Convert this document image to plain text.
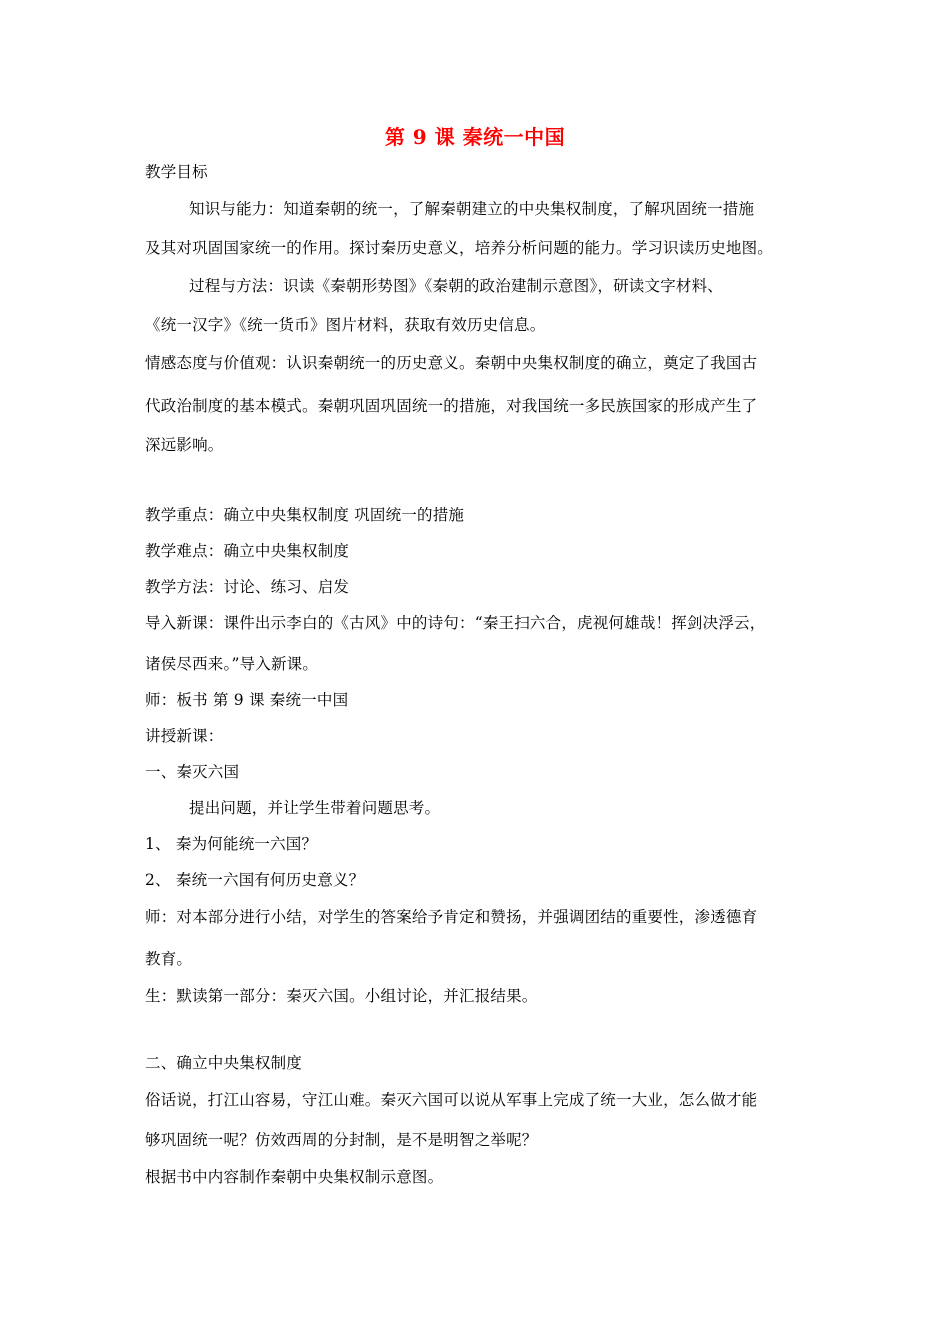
第 9 课 秦统一中国
教学目标
知识与能力：知道秦朝的统一，了解秦朝建立的中央集权制度，了解巩固统一措施
及其对巩固国家统一的作用。探讨秦历史意义，培养分析问题的能力。学习识读历史地图。
过程与方法：识读《秦朝形势图》《秦朝的政治建制示意图》，研读文字材料、
《统一汉字》《统一货币》图片材料，获取有效历史信息。
情感态度与价值观：认识秦朝统一的历史意义。秦朝中央集权制度的确立，奠定了我国古
代政治制度的基本模式。秦朝巩固巩固统一的措施，对我国统一多民族国家的形成产生了
深远影响。
教学重点：确立中央集权制度 巩固统一的措施
教学难点：确立中央集权制度
教学方法：讨论、练习、启发
导入新课：课件出示李白的《古风》中的诗句：“秦王扫六合，虎视何雄哉！挥剑决浮云，
诸侯尽西来。”导入新课。
师：板书 第 9 课 秦统一中国
讲授新课：
一、秦灭六国
提出问题，并让学生带着问题思考。
1、 秦为何能统一六国？
2、 秦统一六国有何历史意义？
师：对本部分进行小结，对学生的答案给予肯定和赞扬，并强调团结的重要性，渗透德育
教育。
生：默读第一部分：秦灭六国。小组讨论，并汇报结果。
二、确立中央集权制度
俗话说，打江山容易，守江山难。秦灭六国可以说从军事上完成了统一大业，怎么做才能
够巩固统一呢？仿效西周的分封制，是不是明智之举呢？
根据书中内容制作秦朝中央集权制示意图。
